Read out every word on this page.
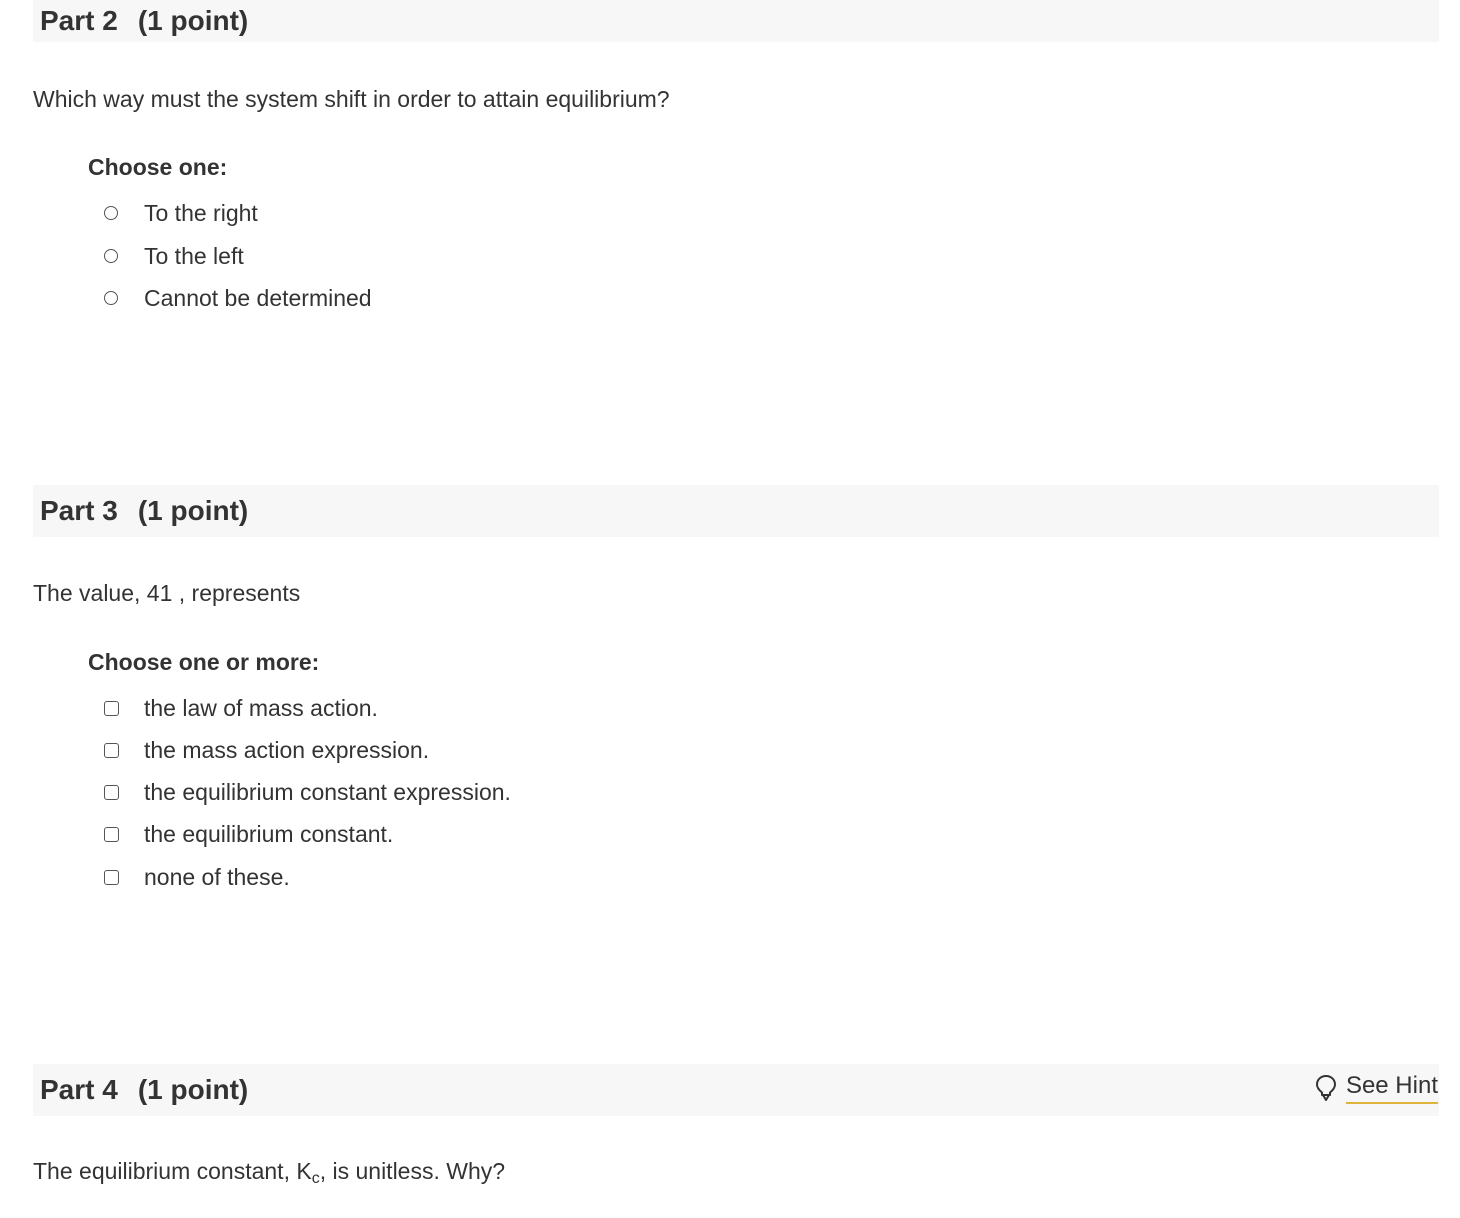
Part 2 (1 point)
Which way must the system shift in order to attain equilibrium?
Choose one:
To the right
To the left
Cannot be determined
Part 3 (1 point)
The value, 41 , represents
Choose one or more:
the law of mass action.
the mass action expression.
the equilibrium constant expression.
the equilibrium constant.
none of these.
Part 4 (1 point)	See Hint
The equilibrium constant, $K_c$, is unitless. Why?
